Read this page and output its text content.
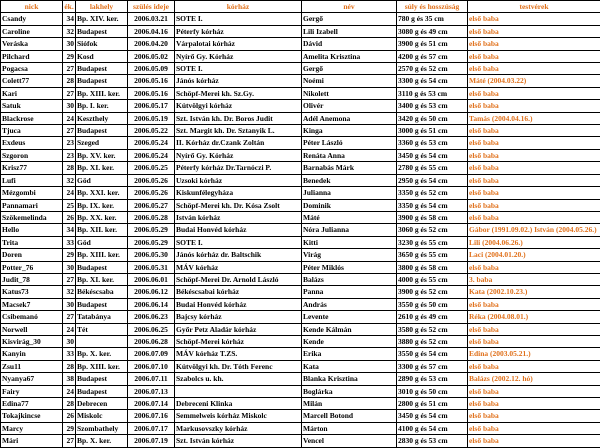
nick	ék.	lakhely	szülés ideje	kórház	név	súly és hosszúság	testvérek
Csandy	34	Bp. XIV. ker.	2006.03.21	SOTE I.	Gergő	780 g és 35 cm	első baba
Caroline	32	Budapest	2006.04.16	Péterfy kórház	Lili Izabell	3080 g és 49 cm	első baba
Veráska	30	Siófok	2006.04.20	Várpalotai kórház	Dávid	3900 g és 51 cm	első baba
Pilchard	29	Kosd	2006.05.02	Nyírő Gy. Kórház	Amelita Krisztina	4200 g és 57 cm	első baba
Pogacsa	27	Budapest	2006.05.09	SOTE I.	Gergő	2570 g és 52 cm	első baba
Colett77	28	Budapest	2006.05.16	Jánós kórház	Noémi	3300 g és 54 cm	Máté (2004.03.22)
Kari	27	Bp. XIII. ker.	2006.05.16	Schöpf-Merei kh. Sz.Gy.	Nikolett	3110 g és 53 cm	első baba
Satuk	30	Bp. I. ker.	2006.05.17	Kútvölgyi kórház	Olivér	3400 g és 53 cm	első baba
Blackrose	24	Keszthely	2006.05.19	Szt. István kh. Dr. Boros Judit	Adél Anemona	3420 g és 50 cm	Tamás (2004.04.16.)
Tjuca	27	Budapest	2006.05.22	Szt. Margit kh. Dr. Sztanyik L.	Kinga	3000 g és 51 cm	első baba
Exdeus	23	Szeged	2006.05.24	II. Kórház dr.Czank Zoltán	Péter László	3360 g és 53 cm	első baba
Szgoron	23	Bp. XV. ker.	2006.05.24	Nyírő Gy. Kórház	Renáta Anna	3450 g és 54 cm	első baba
Krisz77	28	Bp. XI. ker.	2006.05.25	Péterfy kórház Dr.Tarnóczi P.	Barnabás Márk	2780 g és 55 cm	első baba
Lufi	32	Göd	2006.05.26	Uzsoki kórház	Benedek	2950 g és 54 cm	első baba
Mézgombi	24	Bp. XXI. ker.	2006.05.26	Kiskunfélegyháza	Julianna	3350 g és 52 cm	első baba
Pannamari	25	Bp. IX. ker.	2006.05.27	Schöpf-Merei kh. Dr. Kósa Zsolt	Dominik	3350 g és 54 cm	első baba
Szökemelinda	26	Bp. XX. ker.	2006.05.28	István kórház	Máté	3900 g és 58 cm	első baba
Hello	34	Bp. XII. ker.	2006.05.29	Budai Honvéd kórház	Nóra Julianna	3060 g és 52 cm	Gábor (1991.09.02.) István (2004.05.26.)
Trita	33	Göd	2006.05.29	SOTE I.	Kitti	3230 g és 55 cm	Lili (2004.06.26.)
Doren	29	Bp. XIII. ker.	2006.05.30	Jánós kórház dr. Baltschik	Virág	3650 g és 55 cm	Laci (2004.01.20.)
Potter_76	30	Budapest	2006.05.31	MÁV kórház	Péter Miklós	3800 g és 58 cm	első baba
Judit_78	27	Bp. XI. ker.	2006.06.01	Schöpf-Merei Dr. Arnold László	Balázs	4000 g és 55 cm	3. baba
Katus73	32	Békéscsaba	2006.06.12	Békéscsabai kórház	Panna	3900 g és 52 cm	Kata (2002.10.23.)
Macsek7	30	Budapest	2006.06.14	Budai Honvéd kórház	András	3550 g és 50 cm	első baba
Csibemanó	27	Tatabánya	2006.06.23	Bajcsy kórház	Levente	2610 g és 49 cm	Réka (2004.08.01.)
Norwell	24	Tét	2006.06.25	Győr Petz Aladár kórház	Kende Kálmán	3580 g és 52 cm	első baba
Kisvirág_30	30		2006.06.28	Schöpf-Merei kórház	Kende	3880 g és 52 cm	első baba
Kanyin	33	Bp. X. ker.	2006.07.09	MÁV kórház T.ZS.	Erika	3550 g és 54 cm	Edina (2003.05.21.)
Zsu11	28	Bp. XIII. ker.	2006.07.10	Kútvölgyi kh. Dr. Tóth Ferenc	Kata	3300 g és 57 cm	első baba
Nyanya67	38	Budapest	2006.07.11	Szabolcs u. kh.	Blanka Krisztina	2890 g és 53 cm	Balázs (2002.12. hó)
Fairy	24	Budapest	2006.07.13		Boglárka	3010 g és 50 cm	első baba
Edina77	28	Debrecen	2006.07.14	Debreceni Klinka	Milán	2800 g és 51 cm	első baba
Tokajkincse	26	Miskolc	2006.07.16	Semmelweis kórház Miskolc	Marcell Botond	3450 g és 54 cm	első baba
Marcy	29	Szombathely	2006.07.17	Markusovszky kórház	Márton	4100 g és 54 cm	első baba
Mári	27	Bp. X. ker.	2006.07.19	Szt. István kórház	Vencel	2830 g és 53 cm	első baba
